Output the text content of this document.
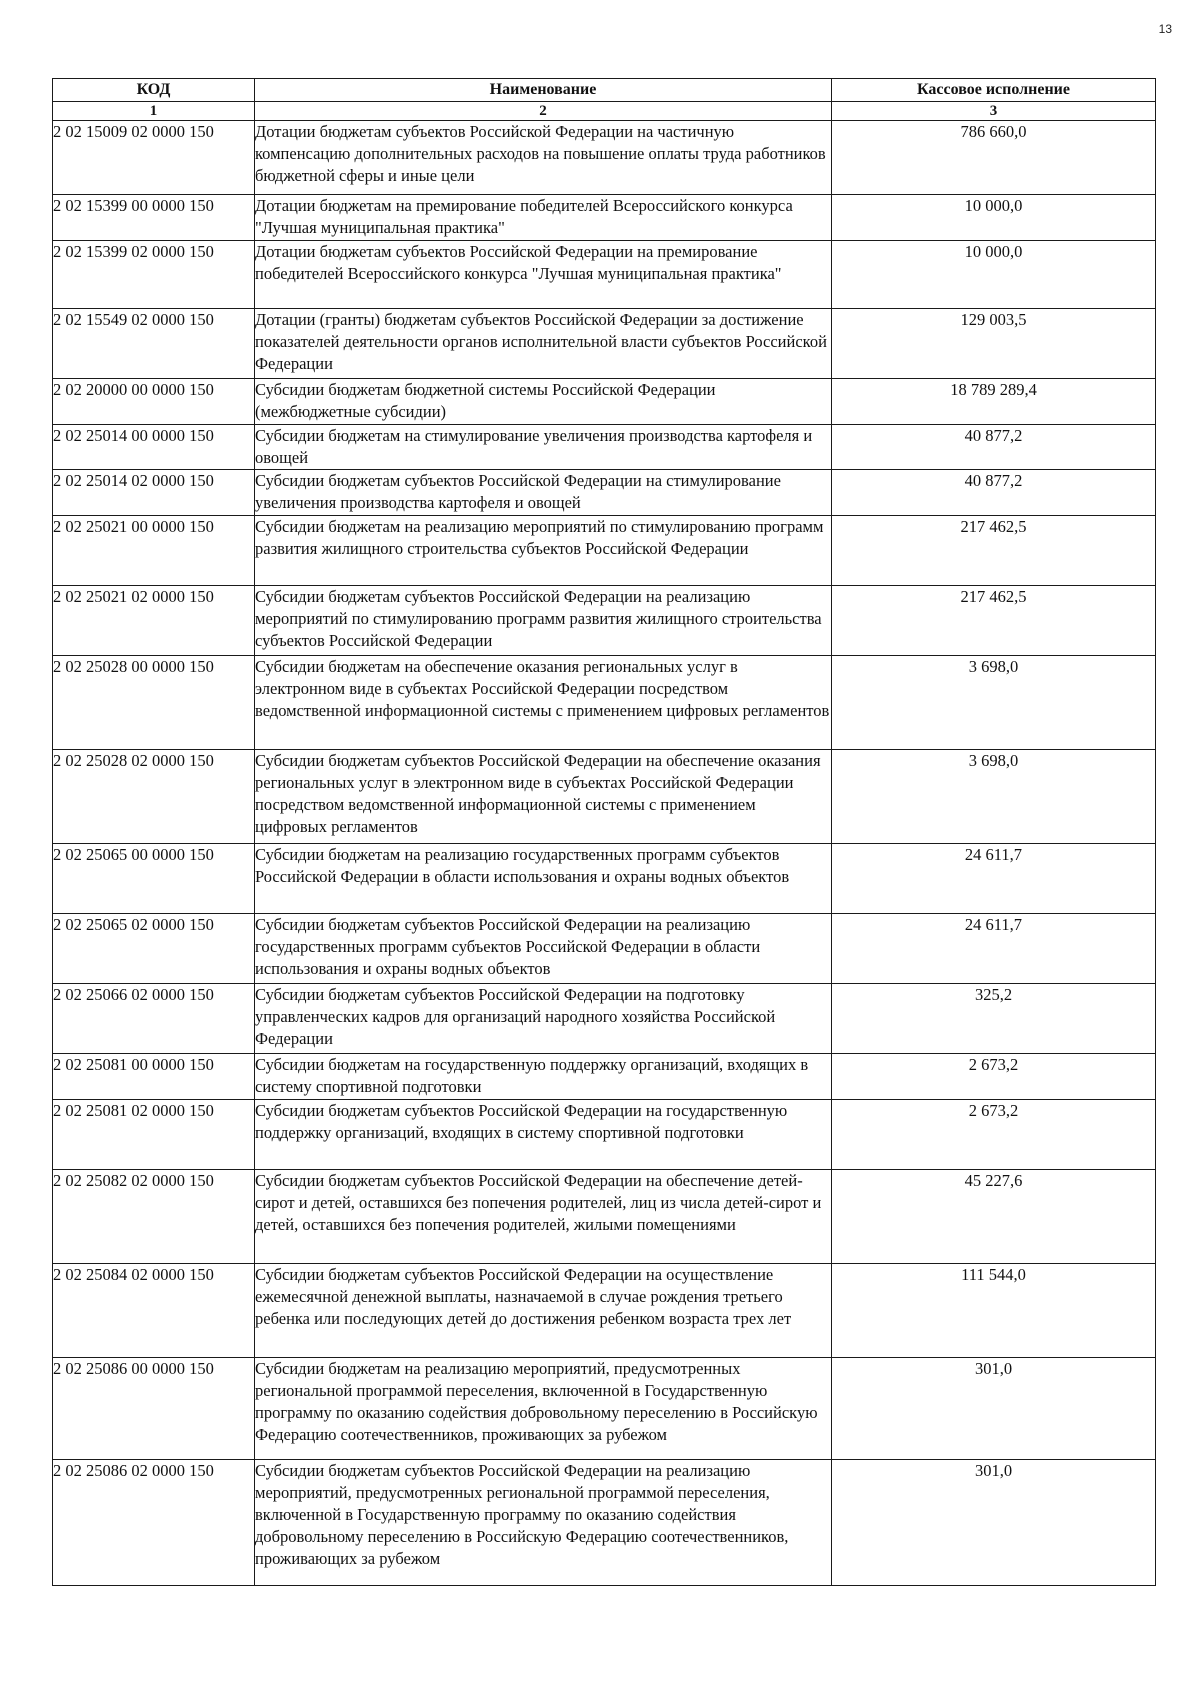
13
КОД	Наименование	Кассовое исполнение
1	2	3
2 02 15009 02 0000 150	Дотации бюджетам субъектов Российской Федерации на частичную компенсацию дополнительных расходов на повышение оплаты труда работников бюджетной сферы и иные цели	786 660,0
2 02 15399 00 0000 150	Дотации бюджетам на премирование победителей Всероссийского конкурса "Лучшая муниципальная практика"	10 000,0
2 02 15399 02 0000 150	Дотации бюджетам субъектов Российской Федерации на премирование победителей Всероссийского конкурса "Лучшая муниципальная практика"	10 000,0
2 02 15549 02 0000 150	Дотации (гранты) бюджетам субъектов Российской Федерации за достижение показателей деятельности органов исполнительной власти субъектов Российской Федерации	129 003,5
2 02 20000 00 0000 150	Субсидии бюджетам бюджетной системы Российской Федерации (межбюджетные субсидии)	18 789 289,4
2 02 25014 00 0000 150	Субсидии бюджетам на стимулирование увеличения производства картофеля и овощей	40 877,2
2 02 25014 02 0000 150	Субсидии бюджетам субъектов Российской Федерации на стимулирование увеличения производства картофеля и овощей	40 877,2
2 02 25021 00 0000 150	Субсидии бюджетам на реализацию мероприятий по стимулированию программ развития жилищного строительства субъектов Российской Федерации	217 462,5
2 02 25021 02 0000 150	Субсидии бюджетам субъектов Российской Федерации на реализацию мероприятий по стимулированию программ развития жилищного строительства субъектов Российской Федерации	217 462,5
2 02 25028 00 0000 150	Субсидии бюджетам на обеспечение оказания региональных услуг в электронном виде в субъектах Российской Федерации посредством ведомственной информационной системы с применением цифровых регламентов	3 698,0
2 02 25028 02 0000 150	Субсидии бюджетам субъектов Российской Федерации на обеспечение оказания региональных услуг в электронном виде в субъектах Российской Федерации посредством ведомственной информационной системы с применением цифровых регламентов	3 698,0
2 02 25065 00 0000 150	Субсидии бюджетам на реализацию государственных программ субъектов Российской Федерации в области использования и охраны водных объектов	24 611,7
2 02 25065 02 0000 150	Субсидии бюджетам субъектов Российской Федерации на реализацию государственных программ субъектов Российской Федерации в области использования и охраны водных объектов	24 611,7
2 02 25066 02 0000 150	Субсидии бюджетам субъектов Российской Федерации на подготовку управленческих кадров для организаций народного хозяйства Российской Федерации	325,2
2 02 25081 00 0000 150	Субсидии бюджетам на государственную поддержку организаций, входящих в систему спортивной подготовки	2 673,2
2 02 25081 02 0000 150	Субсидии бюджетам субъектов Российской Федерации на государственную поддержку организаций, входящих в систему спортивной подготовки	2 673,2
2 02 25082 02 0000 150	Субсидии бюджетам субъектов Российской Федерации на обеспечение детей-сирот и детей, оставшихся без попечения родителей, лиц из числа детей-сирот и детей, оставшихся без попечения родителей, жилыми помещениями	45 227,6
2 02 25084 02 0000 150	Субсидии бюджетам субъектов Российской Федерации на осуществление ежемесячной денежной выплаты, назначаемой в случае рождения третьего ребенка или последующих детей до достижения ребенком возраста трех лет	111 544,0
2 02 25086 00 0000 150	Субсидии бюджетам на реализацию мероприятий, предусмотренных региональной программой переселения, включенной в Государственную программу по оказанию содействия добровольному переселению в Российскую Федерацию соотечественников, проживающих за рубежом	301,0
2 02 25086 02 0000 150	Субсидии бюджетам субъектов Российской Федерации на реализацию мероприятий, предусмотренных региональной программой переселения, включенной в Государственную программу по оказанию содействия добровольному переселению в Российскую Федерацию соотечественников, проживающих за рубежом	301,0
